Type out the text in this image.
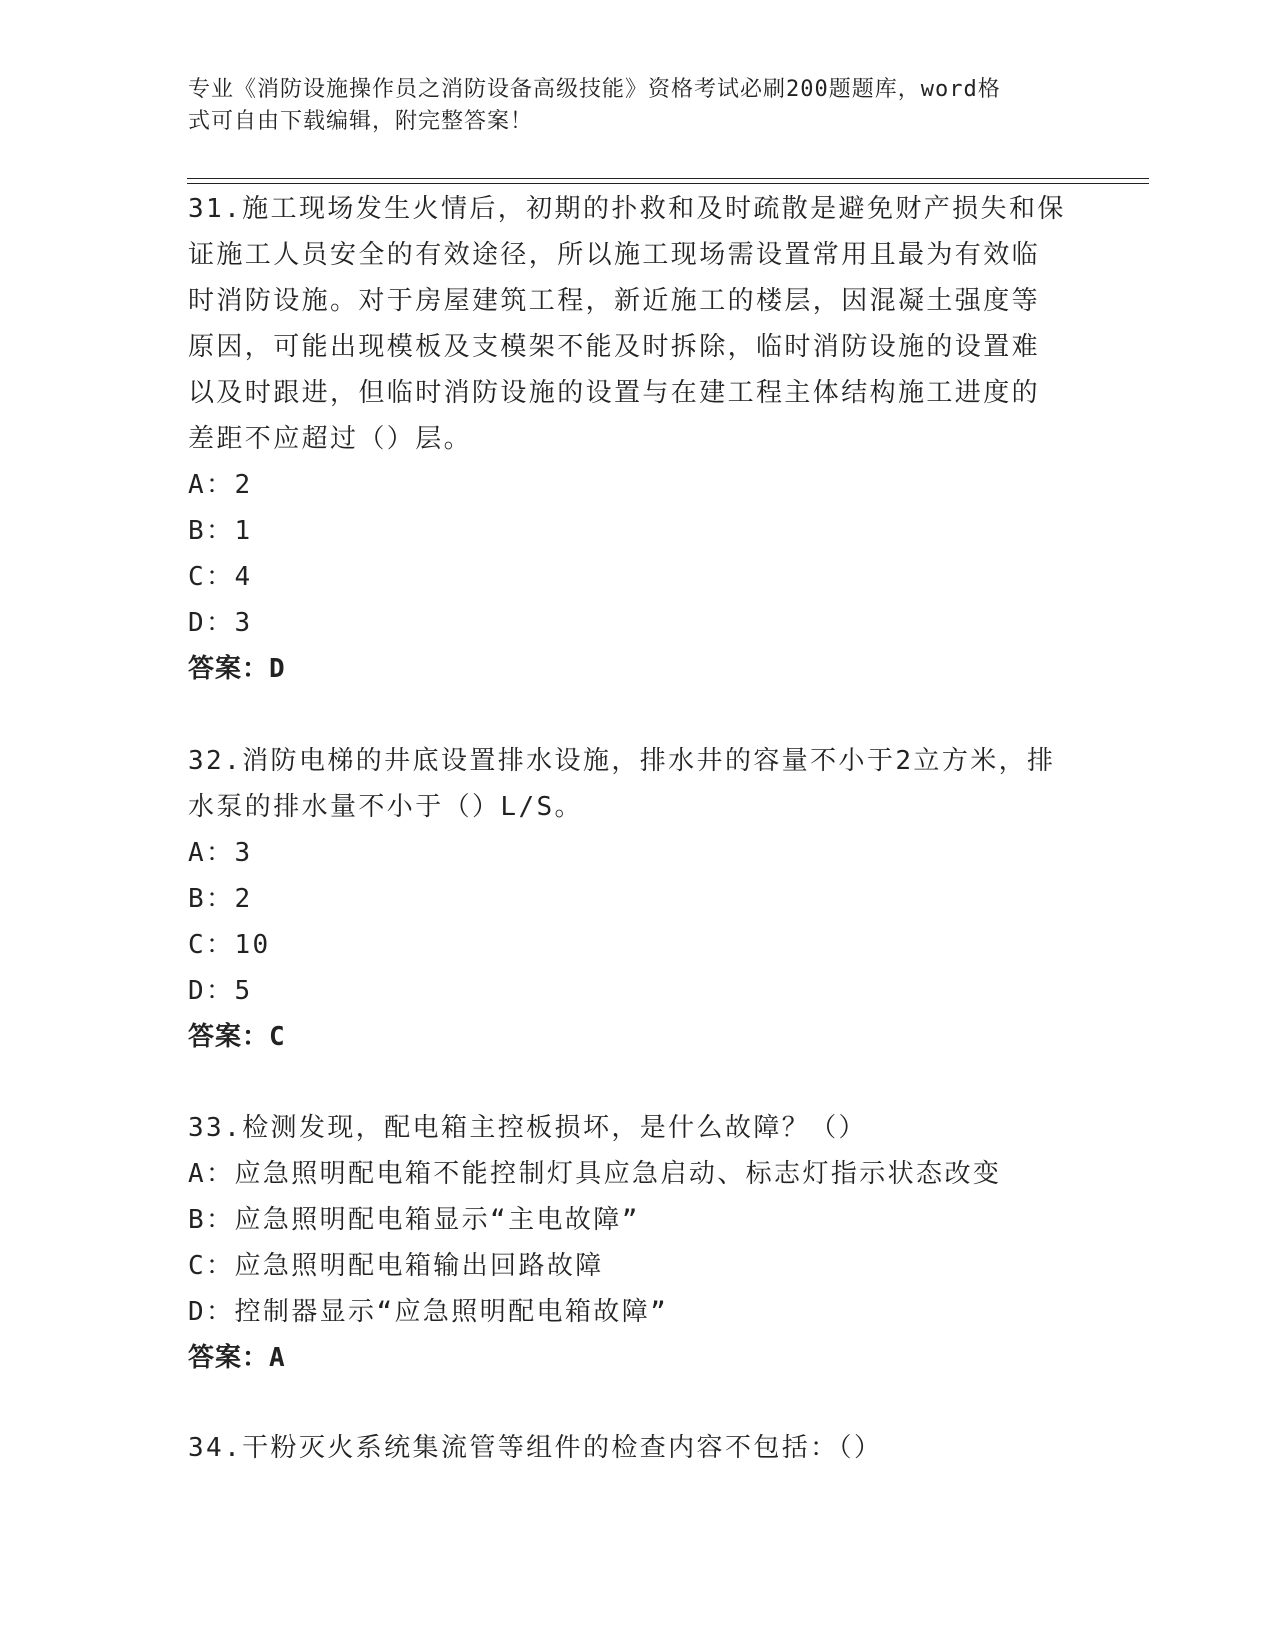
专业《消防设施操作员之消防设备高级技能》资格考试必刷200题题库，word格
式可自由下载编辑，附完整答案！
31.施工现场发生火情后，初期的扑救和及时疏散是避免财产损失和保
证施工人员安全的有效途径，所以施工现场需设置常用且最为有效临
时消防设施。对于房屋建筑工程，新近施工的楼层，因混凝土强度等
原因，可能出现模板及支模架不能及时拆除，临时消防设施的设置难
以及时跟进，但临时消防设施的设置与在建工程主体结构施工进度的
差距不应超过（）层。
A：2
B：1
C：4
D：3
答案：D
32.消防电梯的井底设置排水设施，排水井的容量不小于2立方米，排
水泵的排水量不小于（）L/S。
A：3
B：2
C：10
D：5
答案：C
33.检测发现，配电箱主控板损坏，是什么故障？（）
A：应急照明配电箱不能控制灯具应急启动、标志灯指示状态改变
B：应急照明配电箱显示“主电故障”
C：应急照明配电箱输出回路故障
D：控制器显示“应急照明配电箱故障”
答案：A
34.干粉灭火系统集流管等组件的检查内容不包括：（）
